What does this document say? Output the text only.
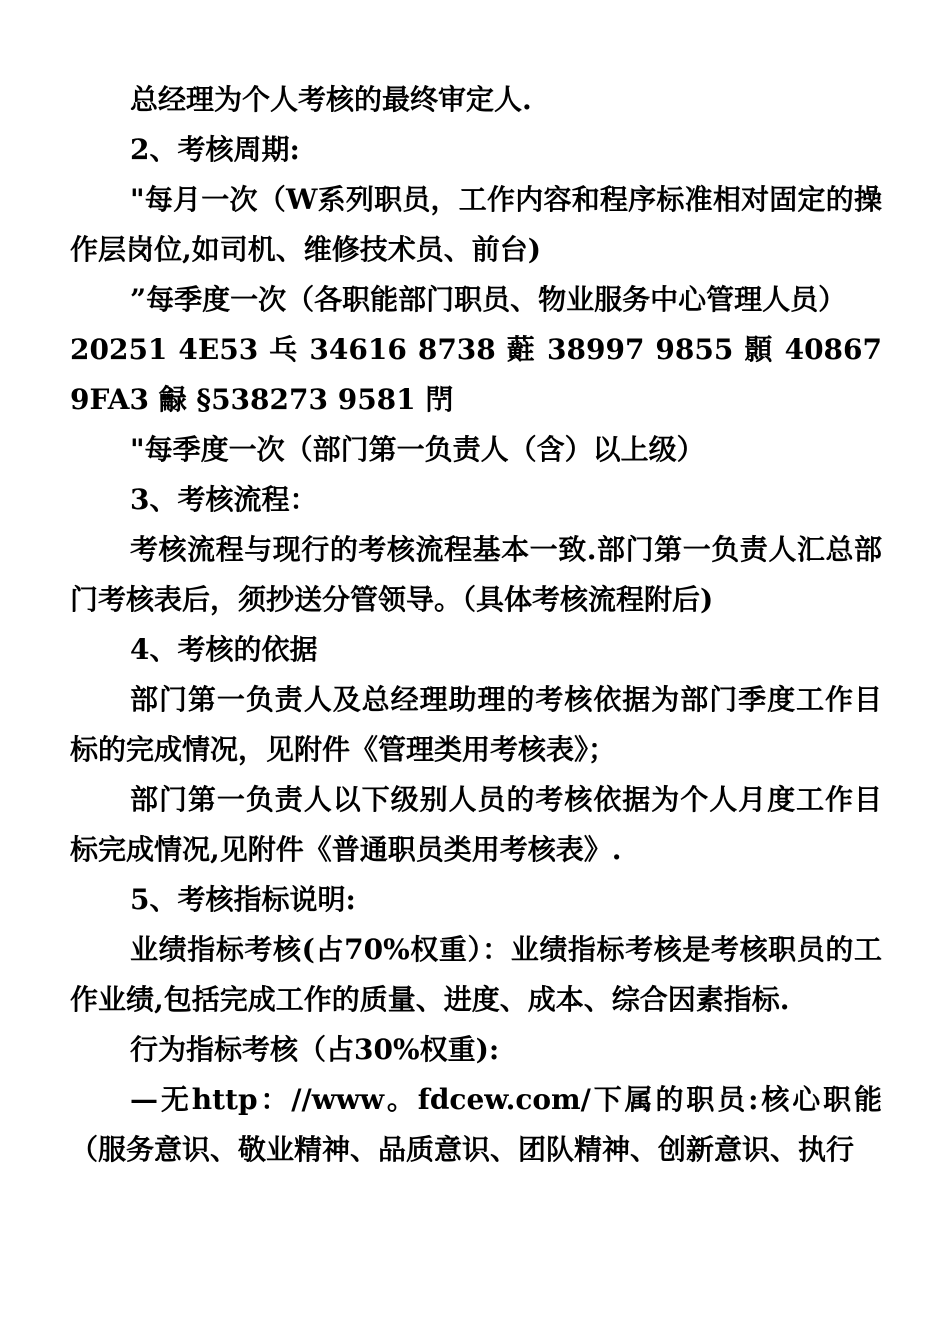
总经理为个人考核的最终审定人.

2、考核周期:

"每月一次（W系列职员，工作内容和程序标准相对固定的操作层岗位,如司机、维修技术员、前台)

”每季度一次（各职能部门职员、物业服务中心管理人员）

20251 4E53 乓 34616 8738 蘣 38997 9855 顥 40867 9FA3 龣 §538273 9581 閅

"每季度一次（部门第一负责人（含）以上级）

3、考核流程：

考核流程与现行的考核流程基本一致.部门第一负责人汇总部门考核表后，须抄送分管领导。（具体考核流程附后)

4、考核的依据

部门第一负责人及总经理助理的考核依据为部门季度工作目标的完成情况，见附件《管理类用考核表》；

部门第一负责人以下级别人员的考核依据为个人月度工作目标完成情况,见附件《普通职员类用考核表》.

5、考核指标说明:

业绩指标考核(占70%权重）：业绩指标考核是考核职员的工作业绩,包括完成工作的质量、进度、成本、综合因素指标.

行为指标考核（占30%权重):

—无http：//www。fdcew.com/下属的职员:核心职能（服务意识、敬业精神、品质意识、团队精神、创新意识、执行
